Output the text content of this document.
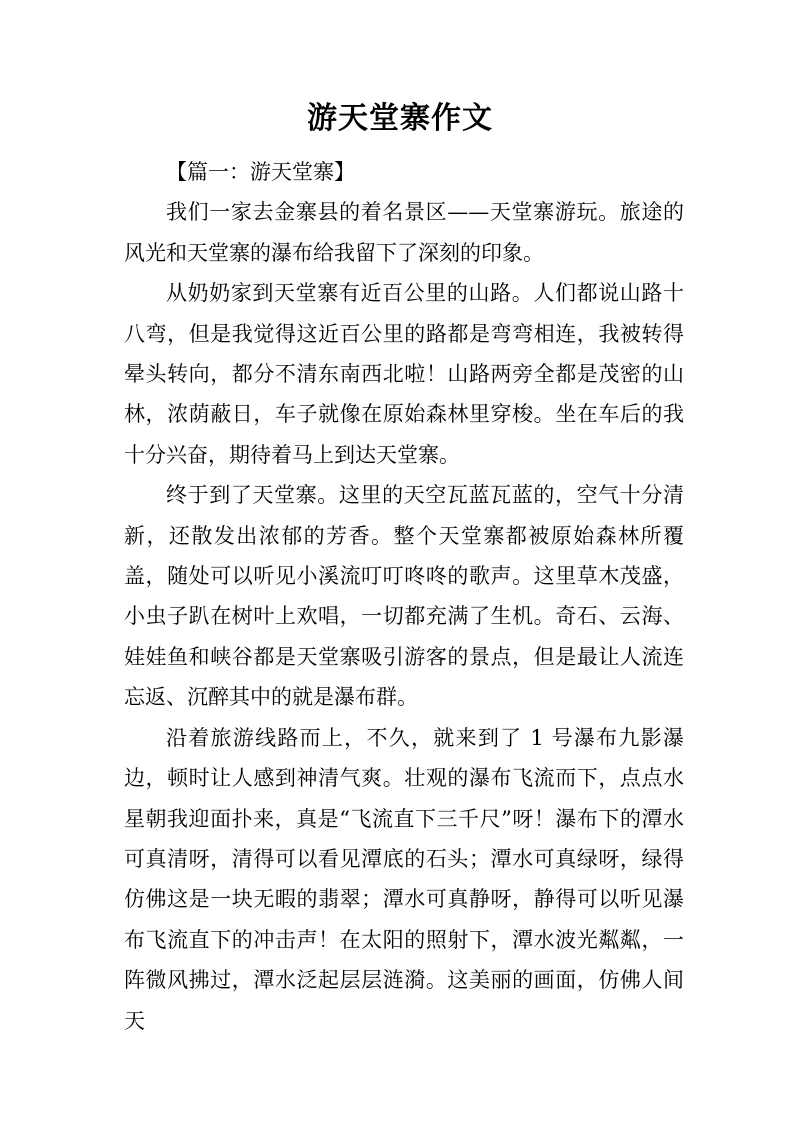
游天堂寨作文

【篇一：游天堂寨】

我们一家去金寨县的着名景区——天堂寨游玩。旅途的风光和天堂寨的瀑布给我留下了深刻的印象。

从奶奶家到天堂寨有近百公里的山路。人们都说山路十八弯，但是我觉得这近百公里的路都是弯弯相连，我被转得晕头转向，都分不清东南西北啦！山路两旁全都是茂密的山林，浓荫蔽日，车子就像在原始森林里穿梭。坐在车后的我十分兴奋，期待着马上到达天堂寨。

终于到了天堂寨。这里的天空瓦蓝瓦蓝的，空气十分清新，还散发出浓郁的芳香。整个天堂寨都被原始森林所覆盖，随处可以听见小溪流叮叮咚咚的歌声。这里草木茂盛，小虫子趴在树叶上欢唱，一切都充满了生机。奇石、云海、娃娃鱼和峡谷都是天堂寨吸引游客的景点，但是最让人流连忘返、沉醉其中的就是瀑布群。

沿着旅游线路而上，不久，就来到了 1 号瀑布九影瀑边，顿时让人感到神清气爽。壮观的瀑布飞流而下，点点水星朝我迎面扑来，真是“飞流直下三千尺”呀！瀑布下的潭水可真清呀，清得可以看见潭底的石头；潭水可真绿呀，绿得仿佛这是一块无暇的翡翠；潭水可真静呀，静得可以听见瀑布飞流直下的冲击声！在太阳的照射下，潭水波光粼粼，一阵微风拂过，潭水泛起层层涟漪。这美丽的画面，仿佛人间天
